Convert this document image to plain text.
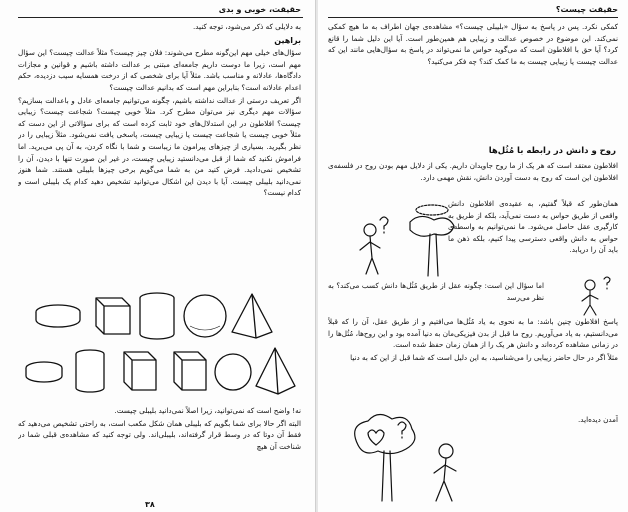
حقیقت، خوبی و بدی

به دلایلی که ذکر می‌شود، توجه کنید.

براهین

سؤال‌های خیلی مهم این‌گونه مطرح می‌شوند: فلان چیز چیست؟ مثلاً عدالت چیست؟ این سؤال مهم است، زیرا ما دوست داریم جامعه‌ای مبتنی بر عدالت داشته باشیم و قوانین و مجازات دادگاه‌ها، عادلانه و مناسب باشد. مثلاً آیا برای شخصی که از درخت همسایه سیب دزدیده، حکم اعدام عادلانه است؟ بنابراین مهم است که بدانیم عدالت چیست؟

اگر تعریف درستی از عدالت نداشته باشیم، چگونه می‌توانیم جامعه‌ای عادل و باعدالت بسازیم؟ سؤالات مهم دیگری نیز می‌توان مطرح کرد. مثلاً خوبی چیست؟ شجاعت چیست؟ زیبایی چیست؟ افلاطون در این استدلال‌های خود ثابت کرده است که برای سؤالاتی از این دست که مثلاً خوبی چیست یا شجاعت چیست یا زیبایی چیست، پاسخی یافت نمی‌شود. مثلاً زیبایی را در نظر بگیرید. بسیاری از چیزهای پیرامون ما زیباست و شما با نگاه کردن، به آن پی می‌برید. اما فراموش نکنید که شما از قبل می‌دانستید زیبایی چیست، در غیر این صورت تنها با دیدن، آن را تشخیص نمی‌دادید. فرض کنید من به شما می‌گویم برخی چیزها بلیبلی هستند. شما هنوز نمی‌دانید بلیبلی چیست. آیا با دیدن این اشکال می‌توانید تشخیص دهید کدام یک بلیبلی است و کدام نیست؟

نه! واضح است که نمی‌توانید، زیرا اصلاً نمی‌دانید بلیبلی چیست.

البته اگر حالا برای شما بگویم که بلیبلی همان شکل مکعب است، به راحتی تشخیص می‌دهید که فقط آن دوتا که در وسط قرار گرفته‌اند، بلیبلی‌اند. ولی توجه کنید که مشاهده‌ی قبلی شما در شناخت آن هیچ

۳۸
حقیقت چیست؟

کمکی نکرد. پس در پاسخ به سؤال «بلیبلی چیست؟» مشاهده‌ی جهان اطراف به ما هیچ کمکی نمی‌کند. این موضوع در خصوص عدالت و زیبایی هم همین‌طور است. آیا این دلیل شما را قانع کرد؟ آیا حق با افلاطون است که می‌گوید حواس ما نمی‌تواند در پاسخ به سؤال‌هایی مانند این که عدالت چیست یا زیبایی چیست به ما کمک کند؟ چه فکر می‌کنید؟

روح و دانش در رابطه با مُثُل‌ها

افلاطون معتقد است که هر یک از ما روح جاویدان داریم. یکی از دلایل مهم بودن روح در فلسفه‌ی افلاطون این است که روح به دست آوردن دانش، نقش مهمی دارد.

همان‌طور که قبلاً گفتیم، به عقیده‌ی افلاطون دانش واقعی از طریق حواس به دست نمی‌آید، بلکه از طریق به کارگیری عقل حاصل می‌شود. ما نمی‌توانیم به واسطه‌ی حواس به دانش واقعی دسترسی پیدا کنیم، بلکه ذهن ما باید آن را دریابد.

اما سؤال این است: چگونه عقل از طریق مُثُل‌ها دانش کسب می‌کند؟ به نظر می‌رسد

پاسخ افلاطون چنین باشد: ما به نحوی به یاد مُثُل‌ها می‌افتیم و از طریق عقل، آن را که قبلاً می‌دانستیم، به یاد می‌آوریم. روح ما قبل از بدن فیزیکی‌مان به دنیا آمده بود و این روح‌ها، مُثُل‌ها را در زمانی مشاهده کرده‌اند و دانش هر یک را از همان زمان حفظ شده است.

مثلاً اگر در حال حاضر زیبایی را می‌شناسید، به این دلیل است که شما قبل از این که به دنیا

آمدن دیده‌اید.
